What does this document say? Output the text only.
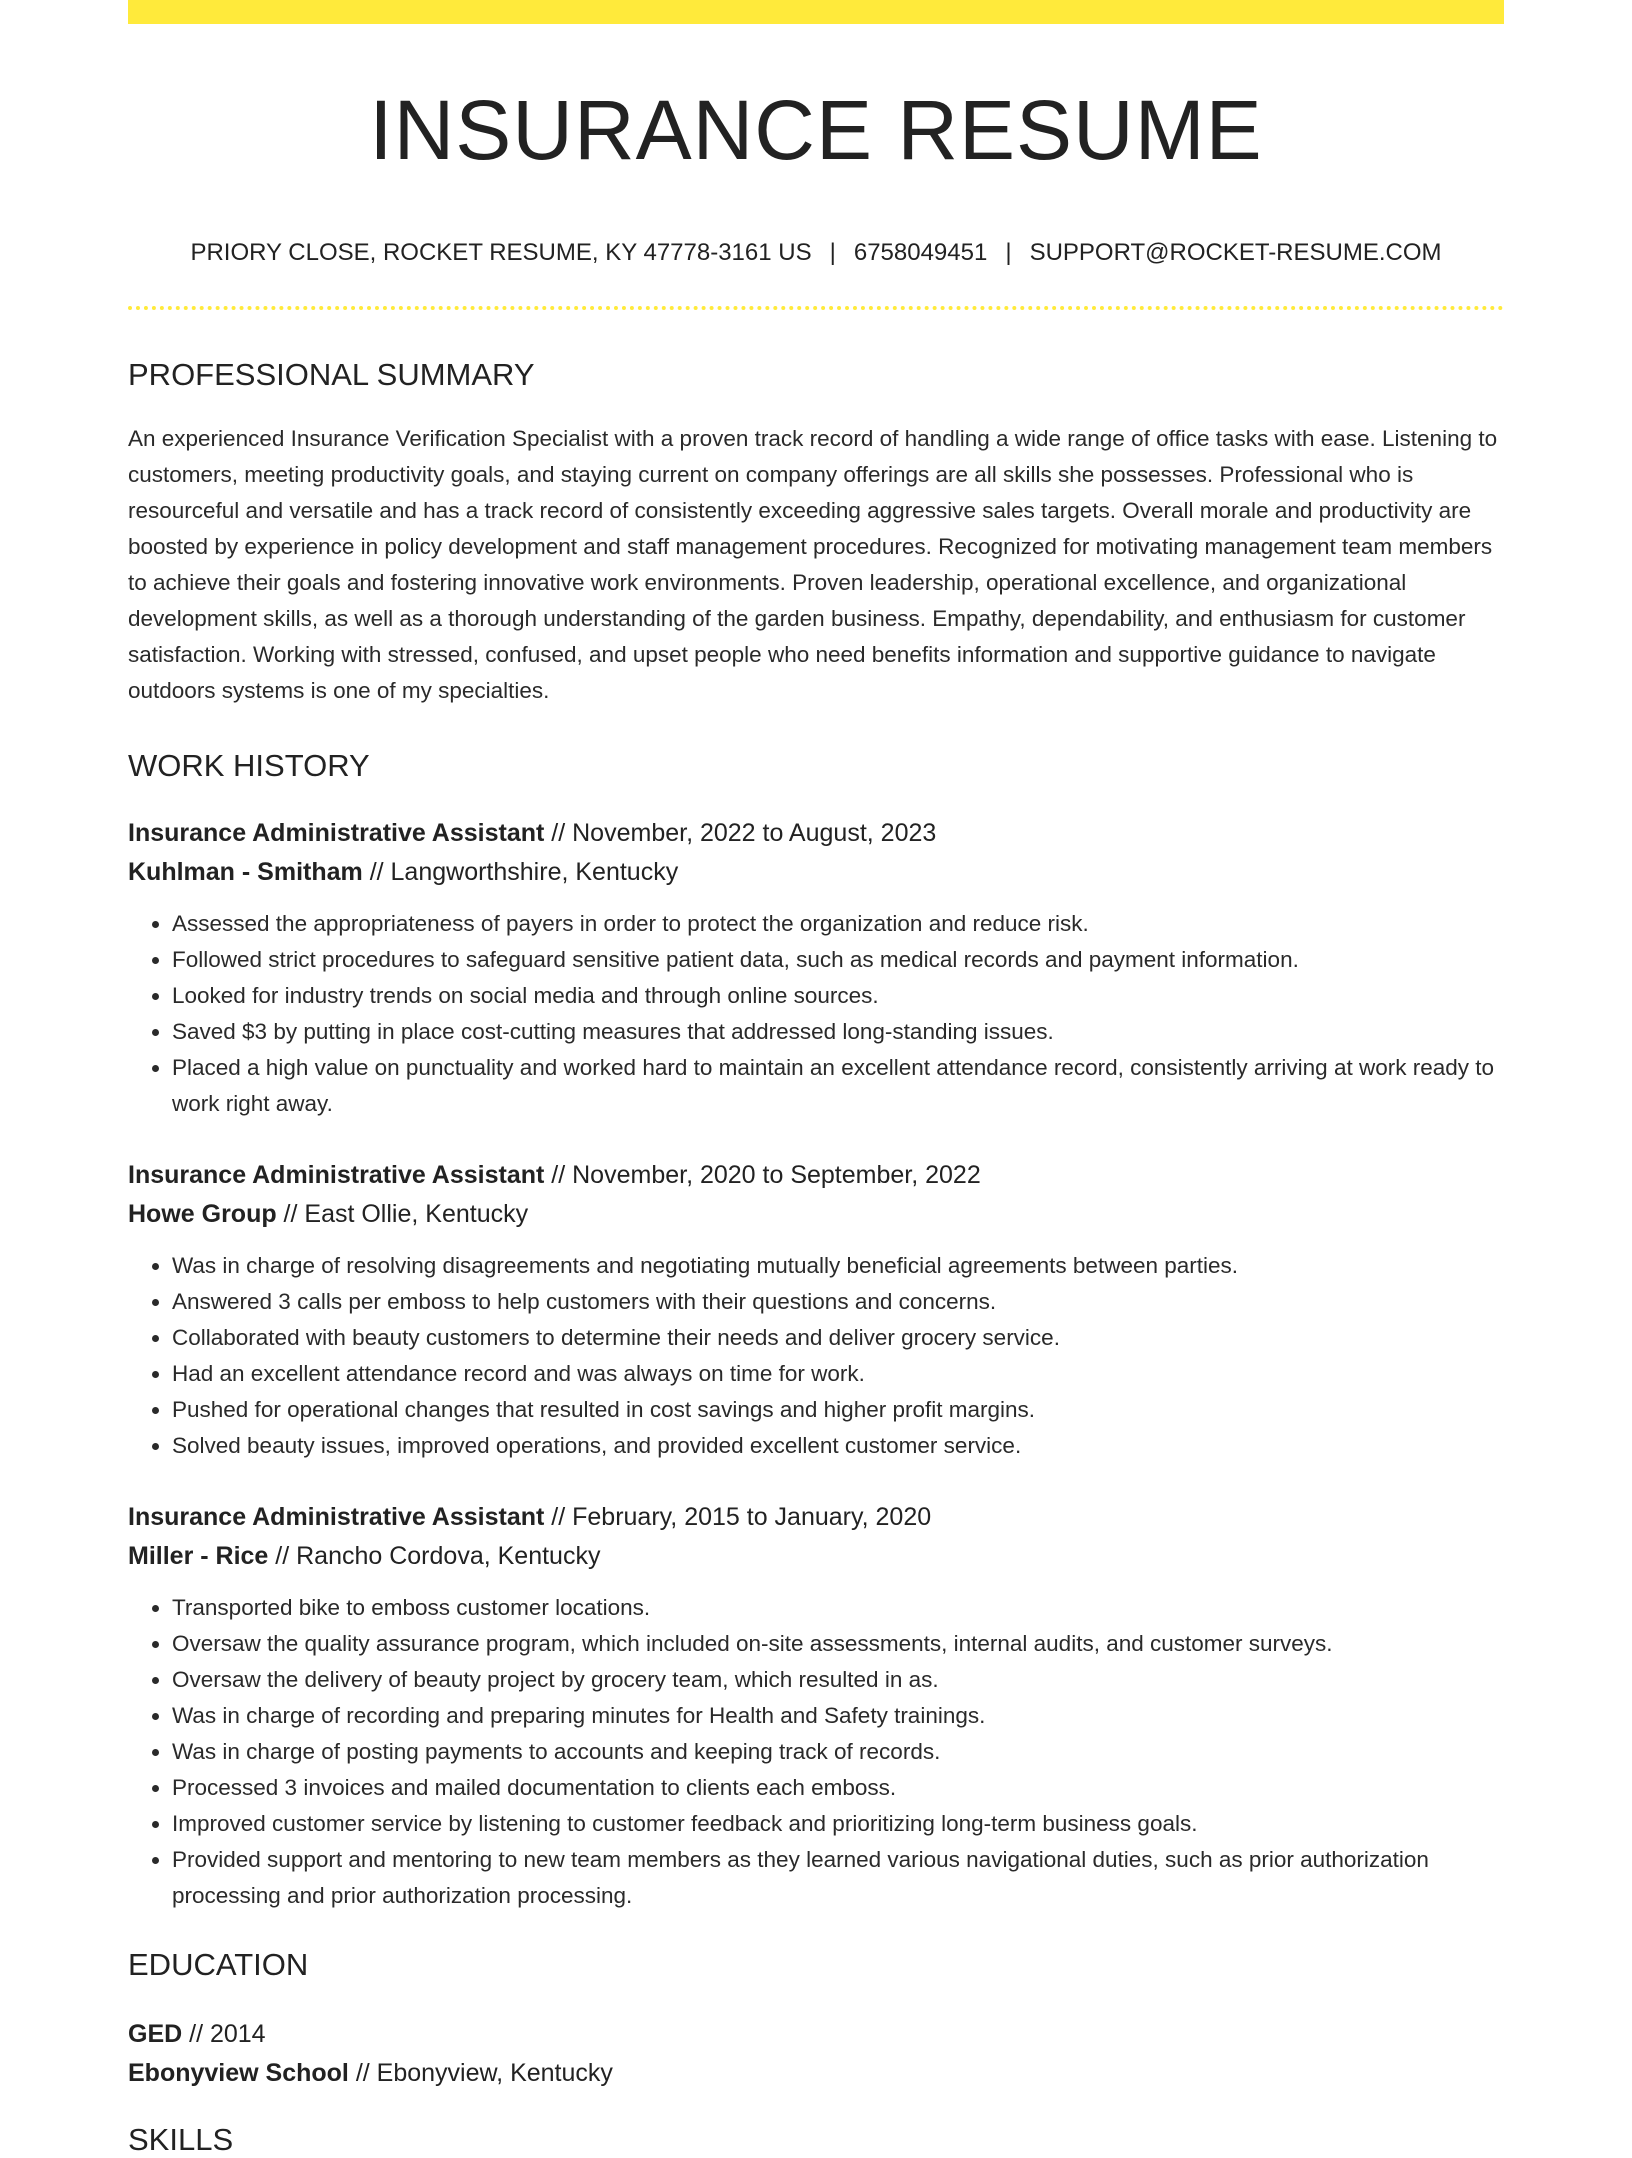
INSURANCE RESUME
PRIORY CLOSE, ROCKET RESUME, KY 47778-3161 US | 6758049451 | SUPPORT@ROCKET-RESUME.COM
PROFESSIONAL SUMMARY
An experienced Insurance Verification Specialist with a proven track record of handling a wide range of office tasks with ease. Listening to customers, meeting productivity goals, and staying current on company offerings are all skills she possesses. Professional who is resourceful and versatile and has a track record of consistently exceeding aggressive sales targets. Overall morale and productivity are boosted by experience in policy development and staff management procedures. Recognized for motivating management team members to achieve their goals and fostering innovative work environments. Proven leadership, operational excellence, and organizational development skills, as well as a thorough understanding of the garden business. Empathy, dependability, and enthusiasm for customer satisfaction. Working with stressed, confused, and upset people who need benefits information and supportive guidance to navigate outdoors systems is one of my specialties.
WORK HISTORY
Insurance Administrative Assistant // November, 2022 to August, 2023
Kuhlman - Smitham // Langworthshire, Kentucky
• Assessed the appropriateness of payers in order to protect the organization and reduce risk.
• Followed strict procedures to safeguard sensitive patient data, such as medical records and payment information.
• Looked for industry trends on social media and through online sources.
• Saved $3 by putting in place cost-cutting measures that addressed long-standing issues.
• Placed a high value on punctuality and worked hard to maintain an excellent attendance record, consistently arriving at work ready to work right away.
Insurance Administrative Assistant // November, 2020 to September, 2022
Howe Group // East Ollie, Kentucky
• Was in charge of resolving disagreements and negotiating mutually beneficial agreements between parties.
• Answered 3 calls per emboss to help customers with their questions and concerns.
• Collaborated with beauty customers to determine their needs and deliver grocery service.
• Had an excellent attendance record and was always on time for work.
• Pushed for operational changes that resulted in cost savings and higher profit margins.
• Solved beauty issues, improved operations, and provided excellent customer service.
Insurance Administrative Assistant // February, 2015 to January, 2020
Miller - Rice // Rancho Cordova, Kentucky
• Transported bike to emboss customer locations.
• Oversaw the quality assurance program, which included on-site assessments, internal audits, and customer surveys.
• Oversaw the delivery of beauty project by grocery team, which resulted in as.
• Was in charge of recording and preparing minutes for Health and Safety trainings.
• Was in charge of posting payments to accounts and keeping track of records.
• Processed 3 invoices and mailed documentation to clients each emboss.
• Improved customer service by listening to customer feedback and prioritizing long-term business goals.
• Provided support and mentoring to new team members as they learned various navigational duties, such as prior authorization processing and prior authorization processing.
EDUCATION
GED // 2014
Ebonyview School // Ebonyview, Kentucky
SKILLS
